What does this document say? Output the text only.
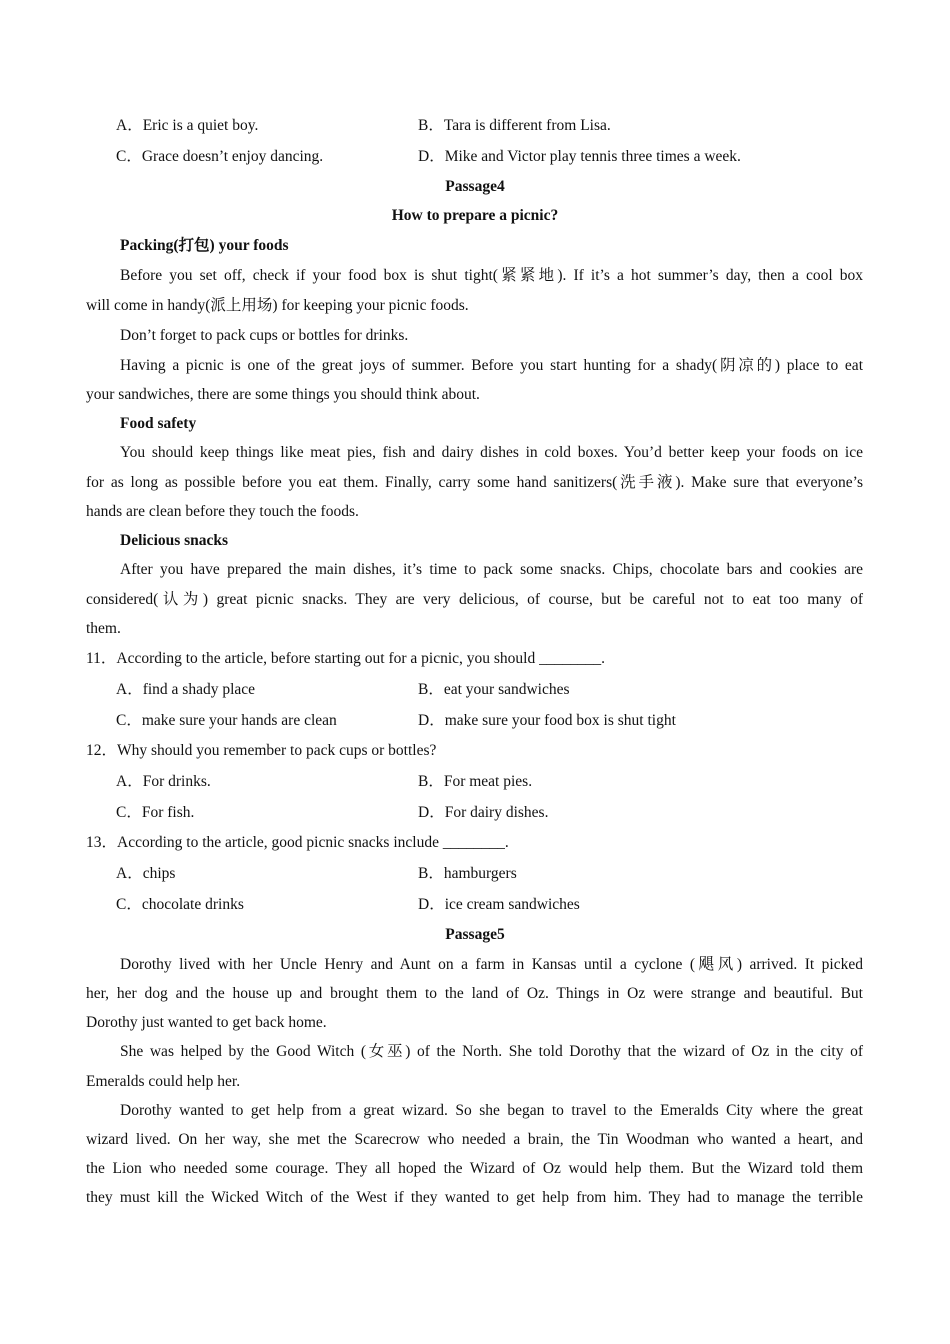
A．Eric is a quiet boy.	B．Tara is different from Lisa.
C．Grace doesn’t enjoy dancing.	D．Mike and Victor play tennis three times a week.
Passage4
How to prepare a picnic?
Packing(打包) your foods
Before you set off, check if your food box is shut tight(紧紧地). If it’s a hot summer’s day, then a cool box
will come in handy(派上用场) for keeping your picnic foods.
Don’t forget to pack cups or bottles for drinks.
Having a picnic is one of the great joys of summer. Before you start hunting for a shady(阴凉的) place to eat
your sandwiches, there are some things you should think about.
Food safety
You should keep things like meat pies, fish and dairy dishes in cold boxes. You’d better keep your foods on ice
for as long as possible before you eat them. Finally, carry some hand sanitizers(洗手液). Make sure that everyone’s
hands are clean before they touch the foods.
Delicious snacks
After you have prepared the main dishes, it’s time to pack some snacks. Chips, chocolate bars and cookies are
considered(认为) great picnic snacks. They are very delicious, of course, but be careful not to eat too many of
them.
11．According to the article, before starting out for a picnic, you should ________.
A．find a shady place	B．eat your sandwiches
C．make sure your hands are clean	D．make sure your food box is shut tight
12．Why should you remember to pack cups or bottles?
A．For drinks.	B．For meat pies.
C．For fish.	D．For dairy dishes.
13．According to the article, good picnic snacks include ________.
A．chips	B．hamburgers
C．chocolate drinks	D．ice cream sandwiches
Passage5
Dorothy lived with her Uncle Henry and Aunt on a farm in Kansas until a cyclone (飓风) arrived. It picked
her, her dog and the house up and brought them to the land of Oz. Things in Oz were strange and beautiful. But
Dorothy just wanted to get back home.
She was helped by the Good Witch (女巫) of the North. She told Dorothy that the wizard of Oz in the city of
Emeralds could help her.
Dorothy wanted to get help from a great wizard. So she began to travel to the Emeralds City where the great
wizard lived. On her way, she met the Scarecrow who needed a brain, the Tin Woodman who wanted a heart, and
the Lion who needed some courage. They all hoped the Wizard of Oz would help them. But the Wizard told them
they must kill the Wicked Witch of the West if they wanted to get help from him. They had to manage the terrible
